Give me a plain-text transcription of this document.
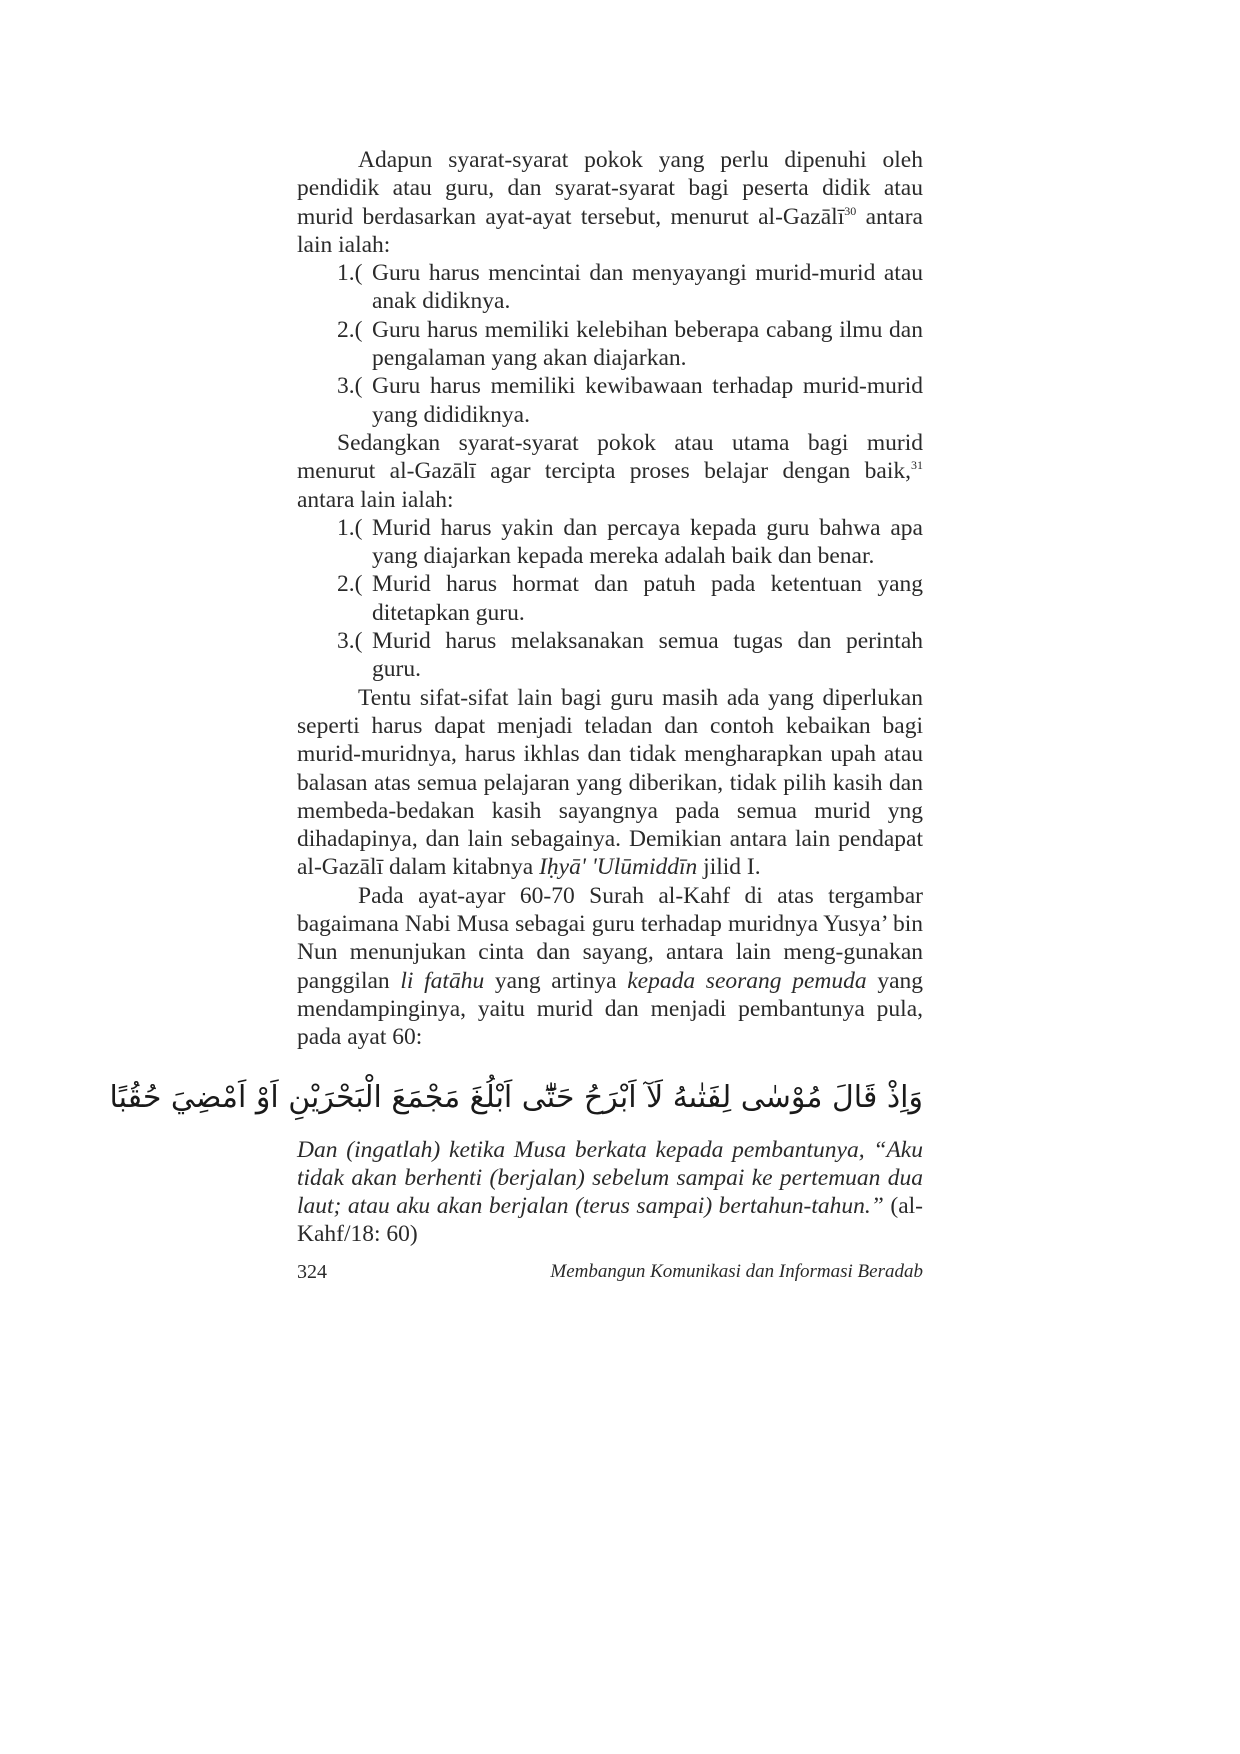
Adapun syarat-syarat pokok yang perlu dipenuhi oleh pendidik atau guru, dan syarat-syarat bagi peserta didik atau murid berdasarkan ayat-ayat tersebut, menurut al-Gazālī$^{30}$ antara lain ialah:

1.( Guru harus mencintai dan menyayangi murid-murid atau anak didiknya.
2.( Guru harus memiliki kelebihan beberapa cabang ilmu dan pengalaman yang akan diajarkan.
3.( Guru harus memiliki kewibawaan terhadap murid-murid yang dididiknya.

Sedangkan syarat-syarat pokok atau utama bagi murid menurut al-Gazālī agar tercipta proses belajar dengan baik,$^{31}$ antara lain ialah:

1.( Murid harus yakin dan percaya kepada guru bahwa apa yang diajarkan kepada mereka adalah baik dan benar.
2.( Murid harus hormat dan patuh pada ketentuan yang ditetapkan guru.
3.( Murid harus melaksanakan semua tugas dan perintah guru.

Tentu sifat-sifat lain bagi guru masih ada yang diperlukan seperti harus dapat menjadi teladan dan contoh kebaikan bagi murid-muridnya, harus ikhlas dan tidak mengharapkan upah atau balasan atas semua pelajaran yang diberikan, tidak pilih kasih dan membeda-bedakan kasih sayangnya pada semua murid yng dihadapinya, dan lain sebagainya. Demikian antara lain pendapat al-Gazālī dalam kitabnya Iḥyā' 'Ulūmiddīn jilid I.

Pada ayat-ayar 60-70 Surah al-Kahf di atas tergambar bagaimana Nabi Musa sebagai guru terhadap muridnya Yusya’ bin Nun menunjukan cinta dan sayang, antara lain meng-gunakan panggilan li fatāhu yang artinya kepada seorang pemuda yang mendampinginya, yaitu murid dan menjadi pembantunya pula, pada ayat 60:

وَاِذْ قَالَ مُوْسٰى لِفَتٰىهُ لَآ اَبْرَحُ حَتّٰٓى اَبْلُغَ مَجْمَعَ الْبَحْرَيْنِ اَوْ اَمْضِيَ حُقُبًا

Dan (ingatlah) ketika Musa berkata kepada pembantunya, “Aku tidak akan berhenti (berjalan) sebelum sampai ke pertemuan dua laut; atau aku akan berjalan (terus sampai) bertahun-tahun.” (al-Kahf/18: 60)

324	Membangun Komunikasi dan Informasi Beradab
